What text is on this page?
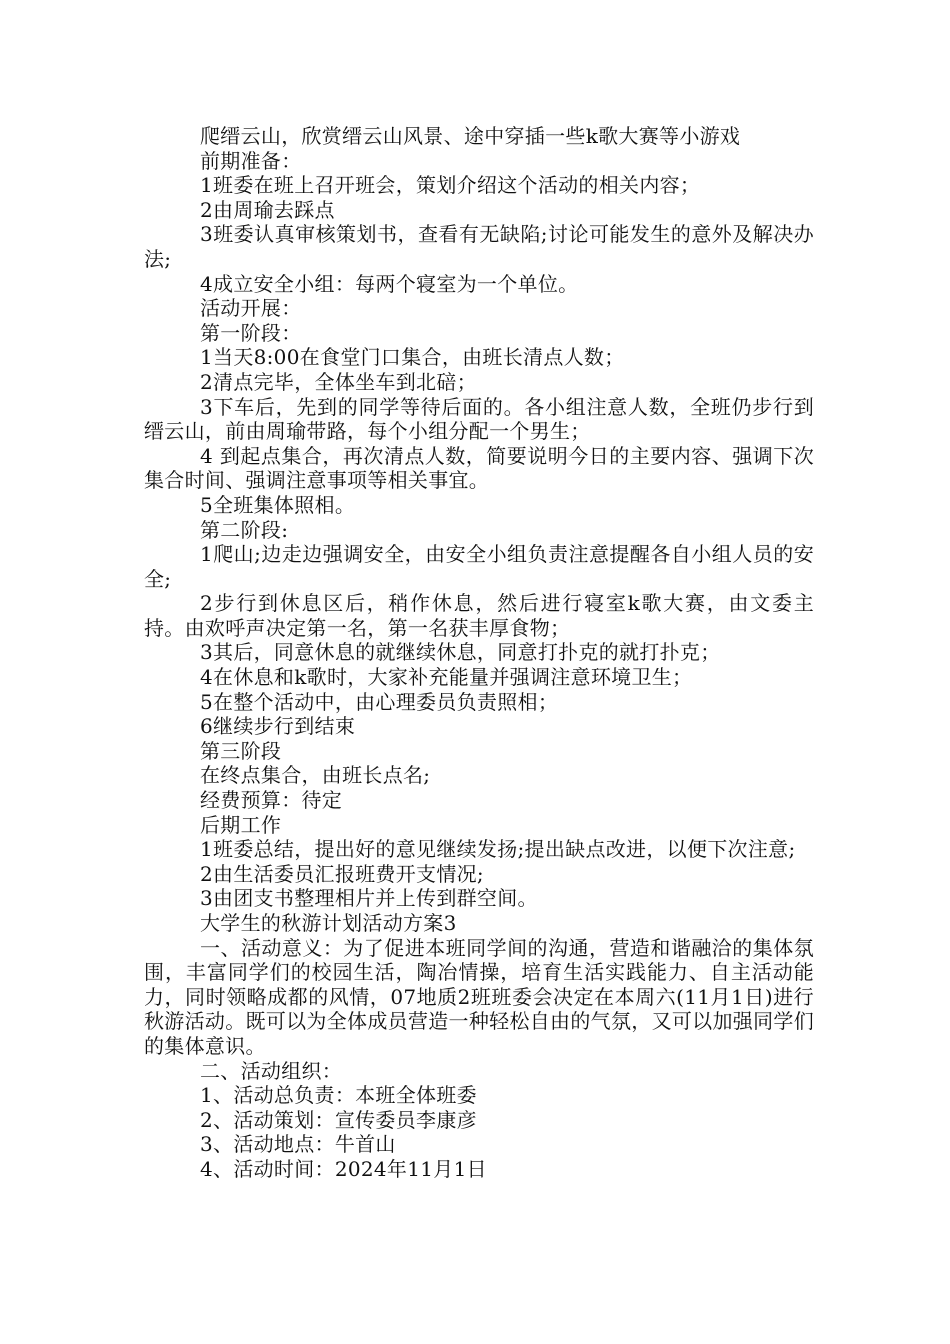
爬缙云山，欣赏缙云山风景、途中穿插一些k歌大赛等小游戏

前期准备：

1班委在班上召开班会，策划介绍这个活动的相关内容；

2由周瑜去踩点

3班委认真审核策划书，查看有无缺陷;讨论可能发生的意外及解决办法;

4成立安全小组：每两个寝室为一个单位。

活动开展：

第一阶段：

1当天8:00在食堂门口集合，由班长清点人数；

2清点完毕，全体坐车到北碚；

3下车后，先到的同学等待后面的。各小组注意人数，全班仍步行到缙云山，前由周瑜带路，每个小组分配一个男生；

4 到起点集合，再次清点人数，简要说明今日的主要内容、强调下次集合时间、强调注意事项等相关事宜。

5全班集体照相。

第二阶段:

1爬山;边走边强调安全，由安全小组负责注意提醒各自小组人员的安全;

2步行到休息区后，稍作休息，然后进行寝室k歌大赛，由文委主持。由欢呼声决定第一名，第一名获丰厚食物；

3其后，同意休息的就继续休息，同意打扑克的就打扑克；

4在休息和k歌时，大家补充能量并强调注意环境卫生；

5在整个活动中，由心理委员负责照相；

6继续步行到结束

第三阶段

在终点集合，由班长点名;

经费预算：待定

后期工作

1班委总结，提出好的意见继续发扬;提出缺点改进，以便下次注意;

2由生活委员汇报班费开支情况;

3由团支书整理相片并上传到群空间。

大学生的秋游计划活动方案3

一、活动意义：为了促进本班同学间的沟通，营造和谐融洽的集体氛围，丰富同学们的校园生活，陶冶情操，培育生活实践能力、自主活动能力，同时领略成都的风情，07地质2班班委会决定在本周六(11月1日)进行秋游活动。既可以为全体成员营造一种轻松自由的气氛，又可以加强同学们的集体意识。

二、活动组织：

1、活动总负责：本班全体班委

2、活动策划：宣传委员李康彦

3、活动地点：牛首山

4、活动时间：2024年11月1日
